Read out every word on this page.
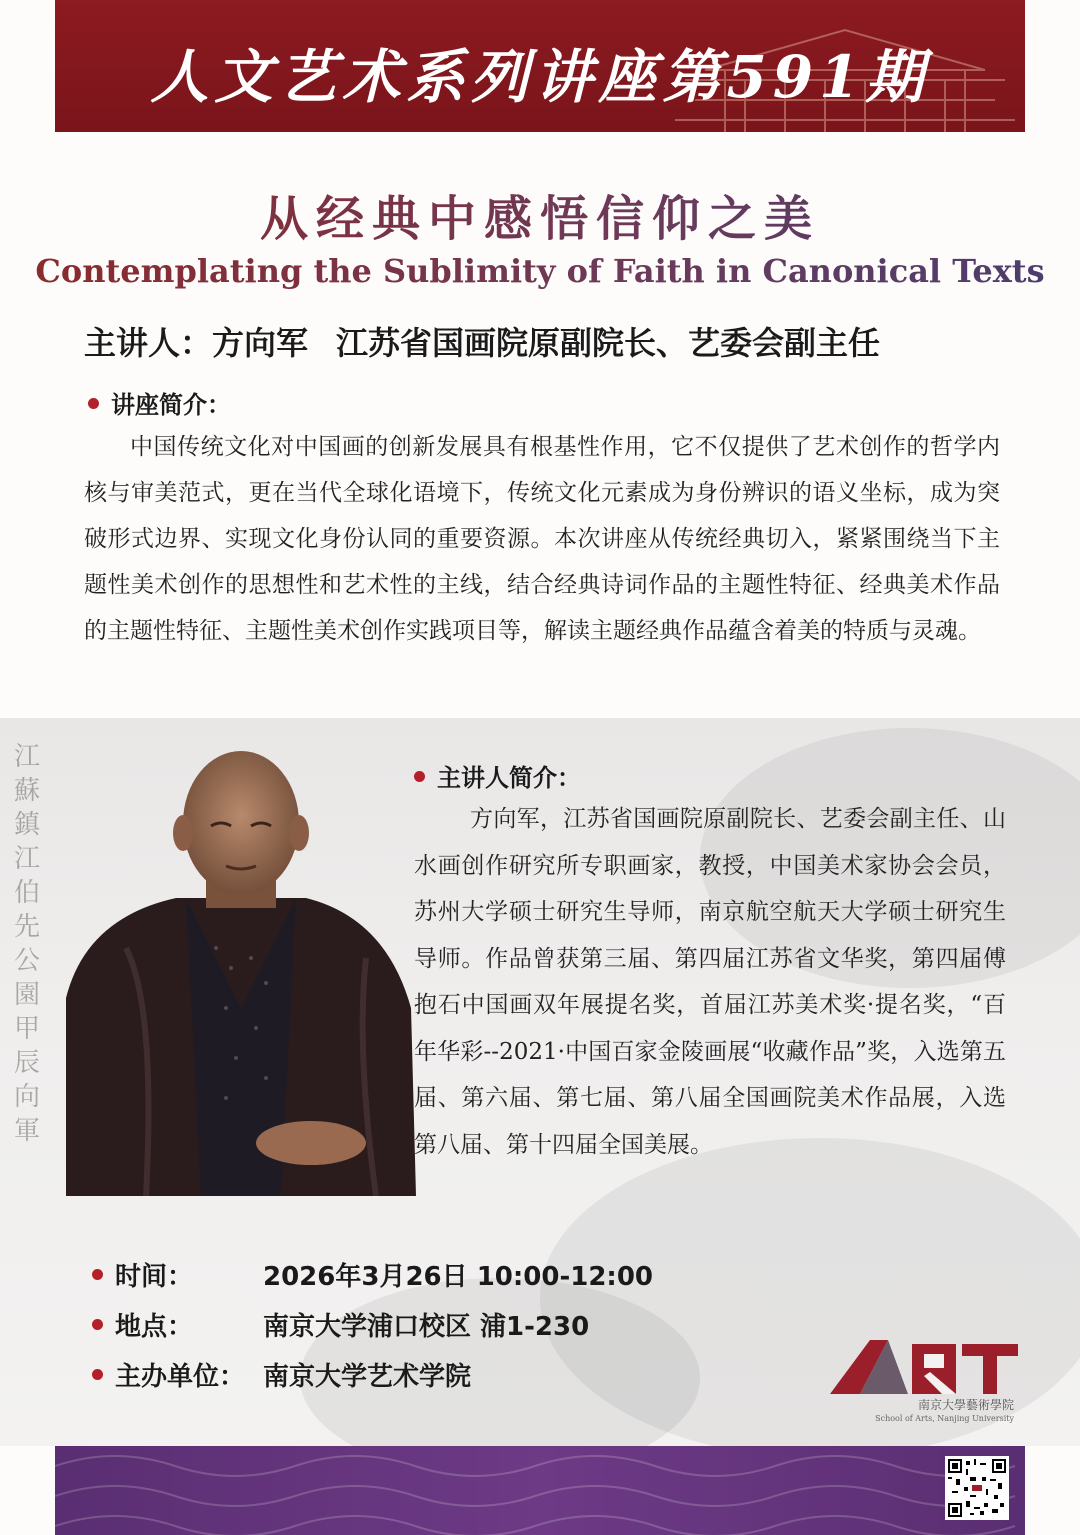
人文艺术系列讲座第591期
从经典中感悟信仰之美
Contemplating the Sublimity of Faith in Canonical Texts
主讲人：方向军 江苏省国画院原副院长、艺委会副主任
讲座简介：
中国传统文化对中国画的创新发展具有根基性作用，它不仅提供了艺术创作的哲学内核与审美范式，更在当代全球化语境下，传统文化元素成为身份辨识的语义坐标，成为突破形式边界、实现文化身份认同的重要资源。本次讲座从传统经典切入，紧紧围绕当下主题性美术创作的思想性和艺术性的主线，结合经典诗词作品的主题性特征、经典美术作品的主题性特征、主题性美术创作实践项目等，解读主题经典作品蕴含着美的特质与灵魂。
江蘇鎮江伯先公園甲辰向軍
主讲人简介：
方向军，江苏省国画院原副院长、艺委会副主任、山水画创作研究所专职画家，教授，中国美术家协会会员，苏州大学硕士研究生导师，南京航空航天大学硕士研究生导师。作品曾获第三届、第四届江苏省文华奖，第四届傅抱石中国画双年展提名奖，首届江苏美术奖·提名奖，“百年华彩--2021·中国百家金陵画展“收藏作品”奖，入选第五届、第六届、第七届、第八届全国画院美术作品展，入选第八届、第十四届全国美展。
时间：	2026年3月26日 10:00-12:00
地点：	南京大学浦口校区 浦1-230
主办单位： 南京大学艺术学院
南京大學藝術學院
School of Arts, Nanjing University
